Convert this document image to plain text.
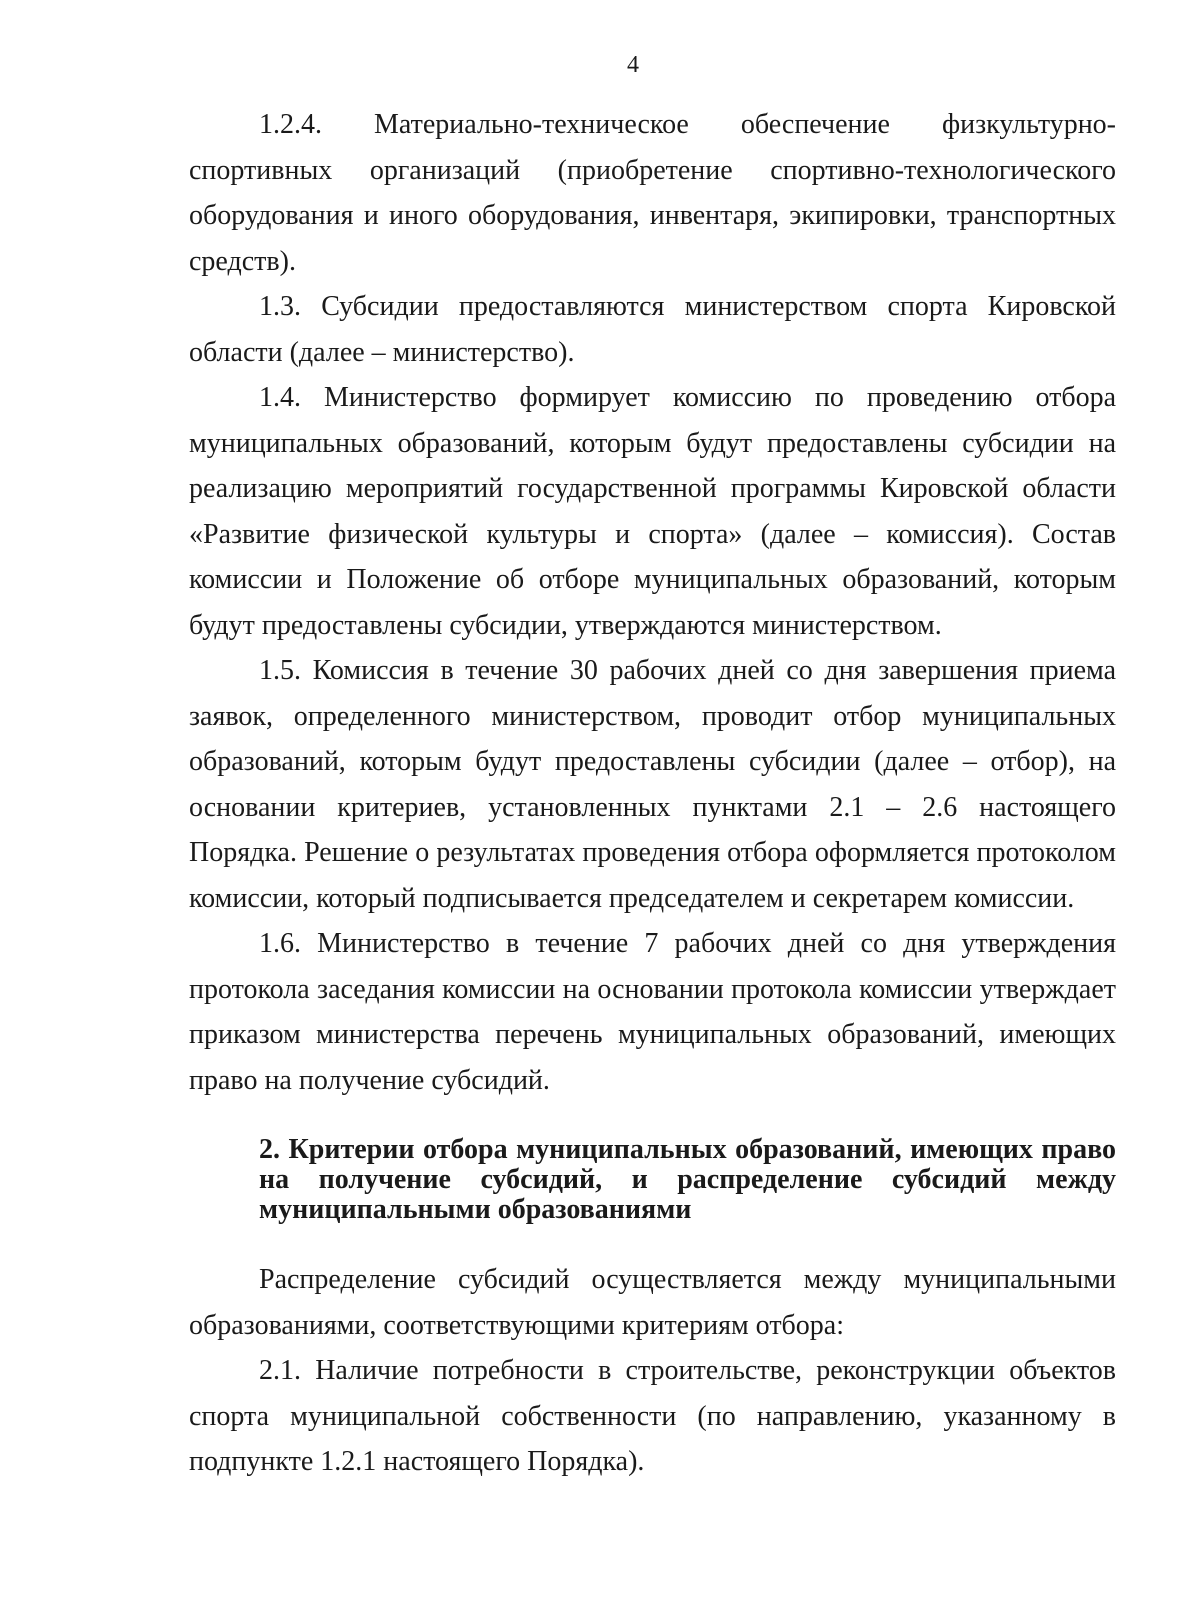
4

1.2.4. Материально-техническое обеспечение физкультурно-спортивных организаций (приобретение спортивно-технологического оборудования и иного оборудования, инвентаря, экипировки, транспортных средств).

1.3. Субсидии предоставляются министерством спорта Кировской области (далее – министерство).

1.4. Министерство формирует комиссию по проведению отбора муниципальных образований, которым будут предоставлены субсидии на реализацию мероприятий государственной программы Кировской области «Развитие физической культуры и спорта» (далее – комиссия). Состав комиссии и Положение об отборе муниципальных образований, которым будут предоставлены субсидии, утверждаются министерством.

1.5. Комиссия в течение 30 рабочих дней со дня завершения приема заявок, определенного министерством, проводит отбор муниципальных образований, которым будут предоставлены субсидии (далее – отбор), на основании критериев, установленных пунктами 2.1 – 2.6 настоящего Порядка. Решение о результатах проведения отбора оформляется протоколом комиссии, который подписывается председателем и секретарем комиссии.

1.6. Министерство в течение 7 рабочих дней со дня утверждения протокола заседания комиссии на основании протокола комиссии утверждает приказом министерства перечень муниципальных образований, имеющих право на получение субсидий.

2. Критерии отбора муниципальных образований, имеющих право на получение субсидий, и распределение субсидий между муниципальными образованиями

Распределение субсидий осуществляется между муниципальными образованиями, соответствующими критериям отбора:

2.1. Наличие потребности в строительстве, реконструкции объектов спорта муниципальной собственности (по направлению, указанному в подпункте 1.2.1 настоящего Порядка).
